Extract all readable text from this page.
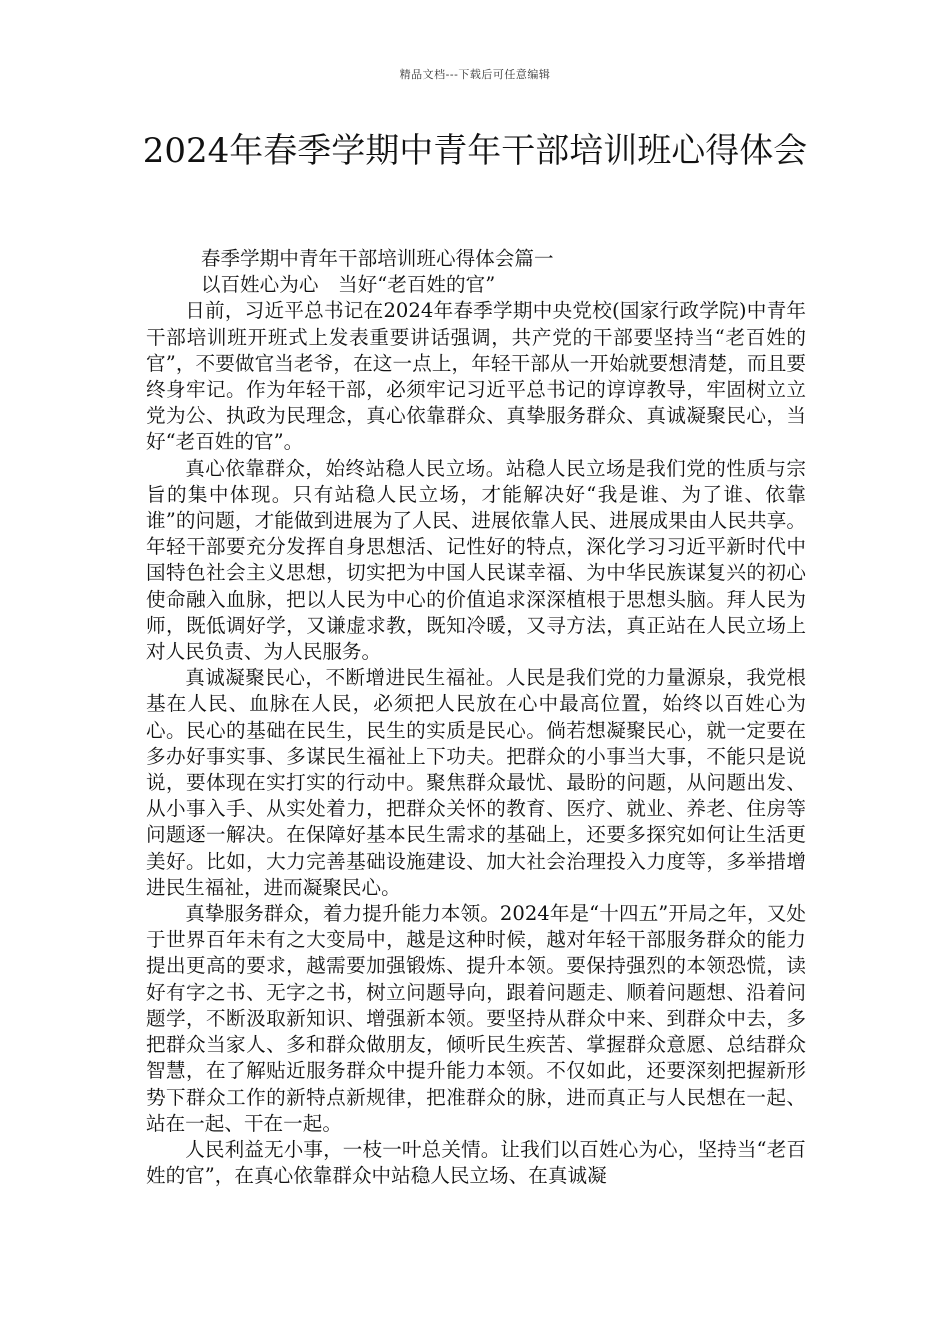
精品文档---下载后可任意编辑
2024年春季学期中青年干部培训班心得体会

春季学期中青年干部培训班心得体会篇一

以百姓心为心　当好“老百姓的官”

日前，习近平总书记在2024年春季学期中央党校(国家行政学院)中青年干部培训班开班式上发表重要讲话强调，共产党的干部要坚持当“老百姓的官”，不要做官当老爷，在这一点上，年轻干部从一开始就要想清楚，而且要终身牢记。作为年轻干部，必须牢记习近平总书记的谆谆教导，牢固树立立党为公、执政为民理念，真心依靠群众、真挚服务群众、真诚凝聚民心，当好“老百姓的官”。

真心依靠群众，始终站稳人民立场。站稳人民立场是我们党的性质与宗旨的集中体现。只有站稳人民立场，才能解决好“我是谁、为了谁、依靠谁”的问题，才能做到进展为了人民、进展依靠人民、进展成果由人民共享。年轻干部要充分发挥自身思想活、记性好的特点，深化学习习近平新时代中国特色社会主义思想，切实把为中国人民谋幸福、为中华民族谋复兴的初心使命融入血脉，把以人民为中心的价值追求深深植根于思想头脑。拜人民为师，既低调好学，又谦虚求教，既知冷暖，又寻方法，真正站在人民立场上对人民负责、为人民服务。

真诚凝聚民心，不断增进民生福祉。人民是我们党的力量源泉，我党根基在人民、血脉在人民，必须把人民放在心中最高位置，始终以百姓心为心。民心的基础在民生，民生的实质是民心。倘若想凝聚民心，就一定要在多办好事实事、多谋民生福祉上下功夫。把群众的小事当大事，不能只是说说，要体现在实打实的行动中。聚焦群众最忧、最盼的问题，从问题出发、从小事入手、从实处着力，把群众关怀的教育、医疗、就业、养老、住房等问题逐一解决。在保障好基本民生需求的基础上，还要多探究如何让生活更美好。比如，大力完善基础设施建设、加大社会治理投入力度等，多举措增进民生福祉，进而凝聚民心。

真挚服务群众，着力提升能力本领。2024年是“十四五”开局之年，又处于世界百年未有之大变局中，越是这种时候，越对年轻干部服务群众的能力提出更高的要求，越需要加强锻炼、提升本领。要保持强烈的本领恐慌，读好有字之书、无字之书，树立问题导向，跟着问题走、顺着问题想、沿着问题学，不断汲取新知识、增强新本领。要坚持从群众中来、到群众中去，多把群众当家人、多和群众做朋友，倾听民生疾苦、掌握群众意愿、总结群众智慧，在了解贴近服务群众中提升能力本领。不仅如此，还要深刻把握新形势下群众工作的新特点新规律，把准群众的脉，进而真正与人民想在一起、站在一起、干在一起。

人民利益无小事，一枝一叶总关情。让我们以百姓心为心，坚持当“老百姓的官”，在真心依靠群众中站稳人民立场、在真诚凝
